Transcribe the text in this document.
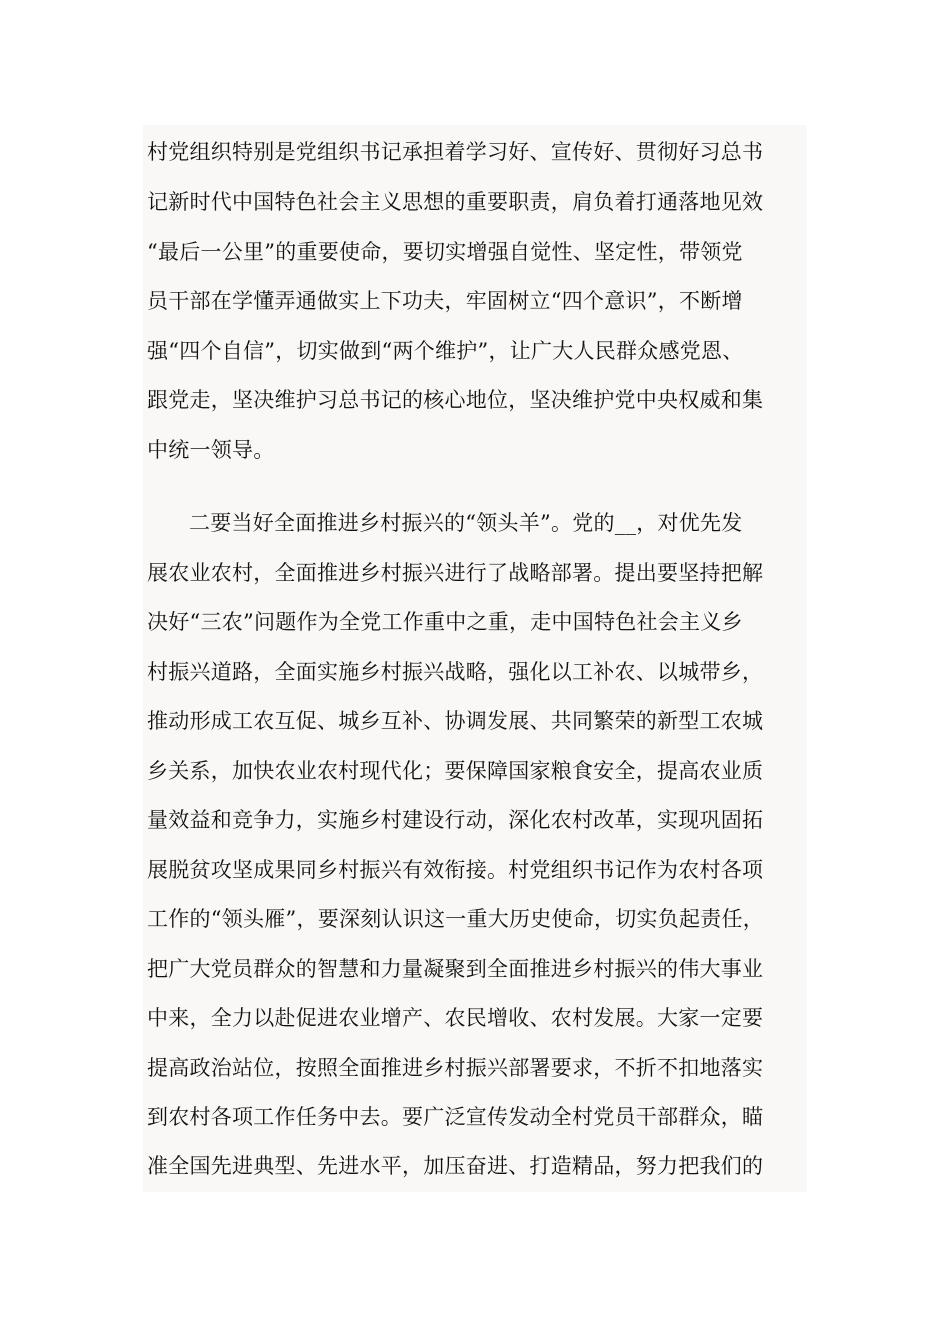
村党组织特别是党组织书记承担着学习好、宣传好、贯彻好习总书
记新时代中国特色社会主义思想的重要职责，肩负着打通落地见效
“最后一公里”的重要使命，要切实增强自觉性、坚定性，带领党
员干部在学懂弄通做实上下功夫，牢固树立“四个意识”，不断增
强“四个自信”，切实做到“两个维护”，让广大人民群众感党恩、
跟党走，坚决维护习总书记的核心地位，坚决维护党中央权威和集
中统一领导。
二要当好全面推进乡村振兴的“领头羊”。党的__，对优先发
展农业农村，全面推进乡村振兴进行了战略部署。提出要坚持把解
决好“三农”问题作为全党工作重中之重，走中国特色社会主义乡
村振兴道路，全面实施乡村振兴战略，强化以工补农、以城带乡，
推动形成工农互促、城乡互补、协调发展、共同繁荣的新型工农城
乡关系，加快农业农村现代化；要保障国家粮食安全，提高农业质
量效益和竞争力，实施乡村建设行动，深化农村改革，实现巩固拓
展脱贫攻坚成果同乡村振兴有效衔接。村党组织书记作为农村各项
工作的“领头雁”，要深刻认识这一重大历史使命，切实负起责任，
把广大党员群众的智慧和力量凝聚到全面推进乡村振兴的伟大事业
中来，全力以赴促进农业增产、农民增收、农村发展。大家一定要
提高政治站位，按照全面推进乡村振兴部署要求，不折不扣地落实
到农村各项工作任务中去。要广泛宣传发动全村党员干部群众，瞄
准全国先进典型、先进水平，加压奋进、打造精品，努力把我们的
